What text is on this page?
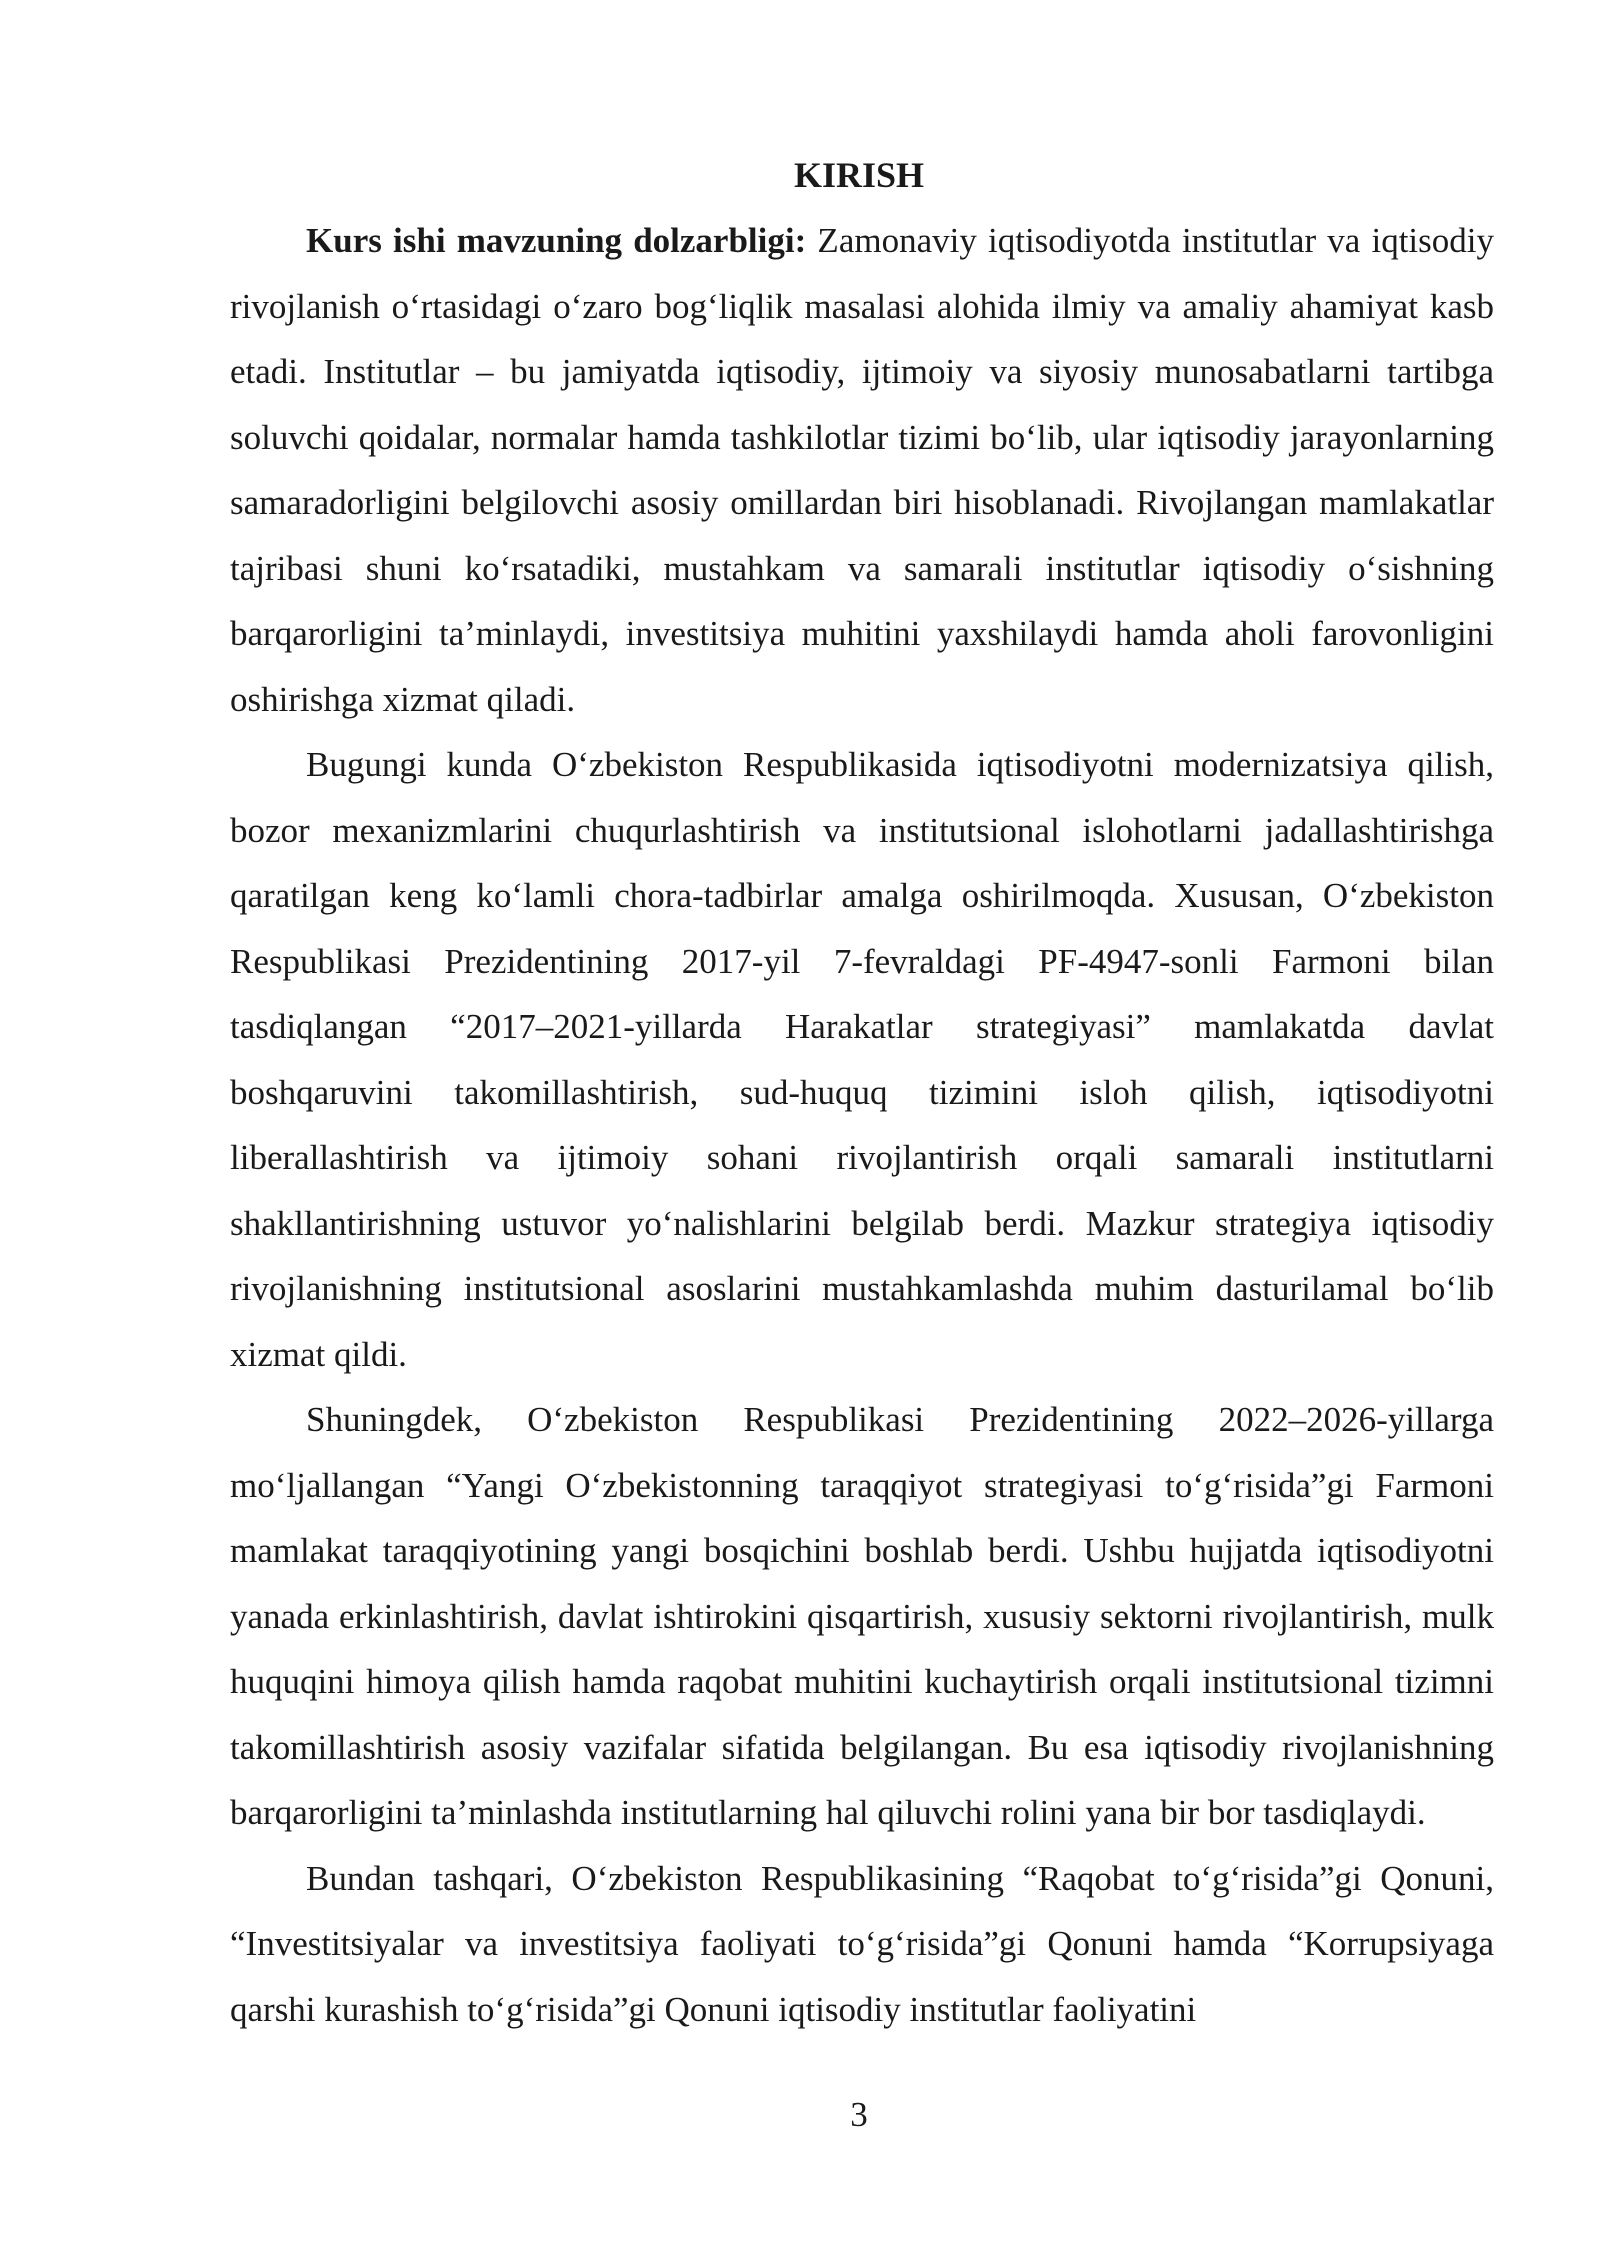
KIRISH

Kurs ishi mavzuning dolzarbligi: Zamonaviy iqtisodiyotda institutlar va iqtisodiy rivojlanish o‘rtasidagi o‘zaro bog‘liqlik masalasi alohida ilmiy va amaliy ahamiyat kasb etadi. Institutlar – bu jamiyatda iqtisodiy, ijtimoiy va siyosiy munosabatlarni tartibga soluvchi qoidalar, normalar hamda tashkilotlar tizimi bo‘lib, ular iqtisodiy jarayonlarning samaradorligini belgilovchi asosiy omillardan biri hisoblanadi. Rivojlangan mamlakatlar tajribasi shuni ko‘rsatadiki, mustahkam va samarali institutlar iqtisodiy o‘sishning barqarorligini ta’minlaydi, investitsiya muhitini yaxshilaydi hamda aholi farovonligini oshirishga xizmat qiladi.

Bugungi kunda O‘zbekiston Respublikasida iqtisodiyotni modernizatsiya qilish, bozor mexanizmlarini chuqurlashtirish va institutsional islohotlarni jadallashtirishga qaratilgan keng ko‘lamli chora-tadbirlar amalga oshirilmoqda. Xususan, O‘zbekiston Respublikasi Prezidentining 2017-yil 7-fevraldagi PF-4947-sonli Farmoni bilan tasdiqlangan “2017–2021-yillarda Harakatlar strategiyasi” mamlakatda davlat boshqaruvini takomillashtirish, sud-huquq tizimini isloh qilish, iqtisodiyotni liberallashtirish va ijtimoiy sohani rivojlantirish orqali samarali institutlarni shakllantirishning ustuvor yo‘nalishlarini belgilab berdi. Mazkur strategiya iqtisodiy rivojlanishning institutsional asoslarini mustahkamlashda muhim dasturilamal bo‘lib xizmat qildi.

Shuningdek, O‘zbekiston Respublikasi Prezidentining 2022–2026-yillarga mo‘ljallangan “Yangi O‘zbekistonning taraqqiyot strategiyasi to‘g‘risida”gi Farmoni mamlakat taraqqiyotining yangi bosqichini boshlab berdi. Ushbu hujjatda iqtisodiyotni yanada erkinlashtirish, davlat ishtirokini qisqartirish, xususiy sektorni rivojlantirish, mulk huquqini himoya qilish hamda raqobat muhitini kuchaytirish orqali institutsional tizimni takomillashtirish asosiy vazifalar sifatida belgilangan. Bu esa iqtisodiy rivojlanishning barqarorligini ta’minlashda institutlarning hal qiluvchi rolini yana bir bor tasdiqlaydi.

Bundan tashqari, O‘zbekiston Respublikasining “Raqobat to‘g‘risida”gi Qonuni, “Investitsiyalar va investitsiya faoliyati to‘g‘risida”gi Qonuni hamda “Korrupsiyaga qarshi kurashish to‘g‘risida”gi Qonuni iqtisodiy institutlar faoliyatini

3
